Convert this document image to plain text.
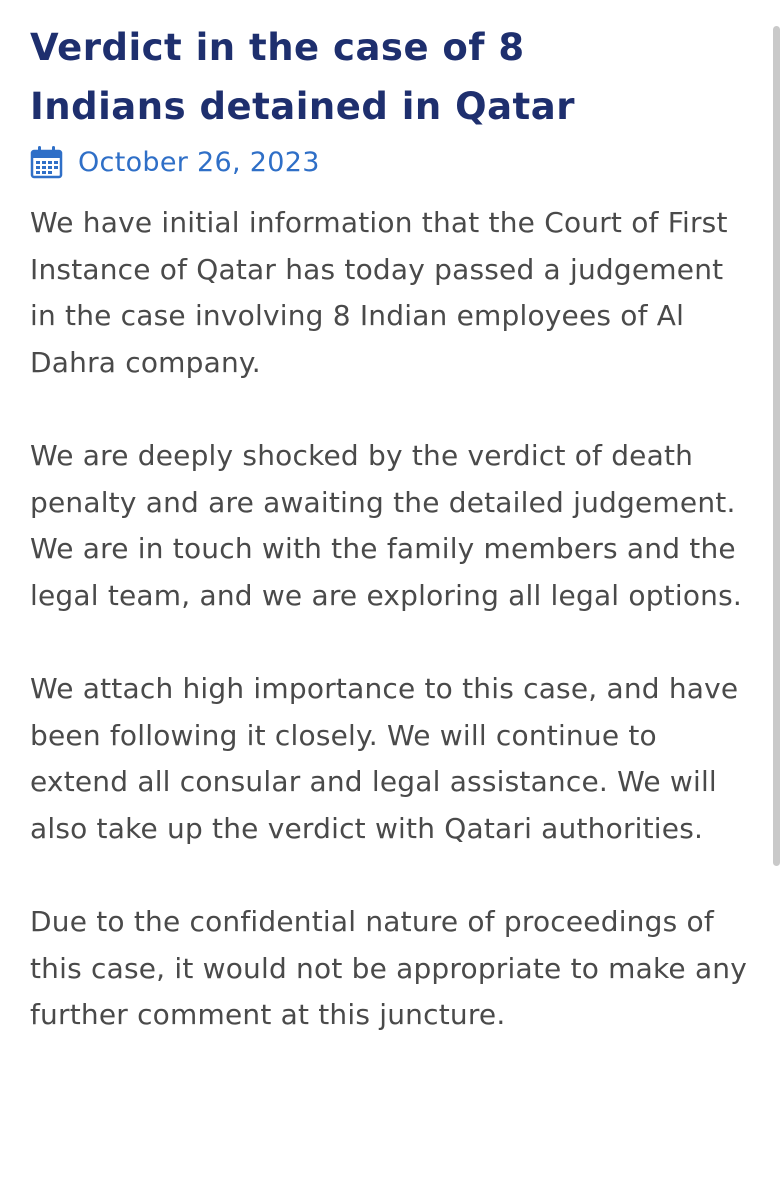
Verdict in the case of 8 Indians detained in Qatar
October 26, 2023

We have initial information that the Court of First Instance of Qatar has today passed a judgement in the case involving 8 Indian employees of Al Dahra company.

We are deeply shocked by the verdict of death penalty and are awaiting the detailed judgement. We are in touch with the family members and the legal team, and we are exploring all legal options.

We attach high importance to this case, and have been following it closely. We will continue to extend all consular and legal assistance. We will also take up the verdict with Qatari authorities.

Due to the confidential nature of proceedings of this case, it would not be appropriate to make any further comment at this juncture.
